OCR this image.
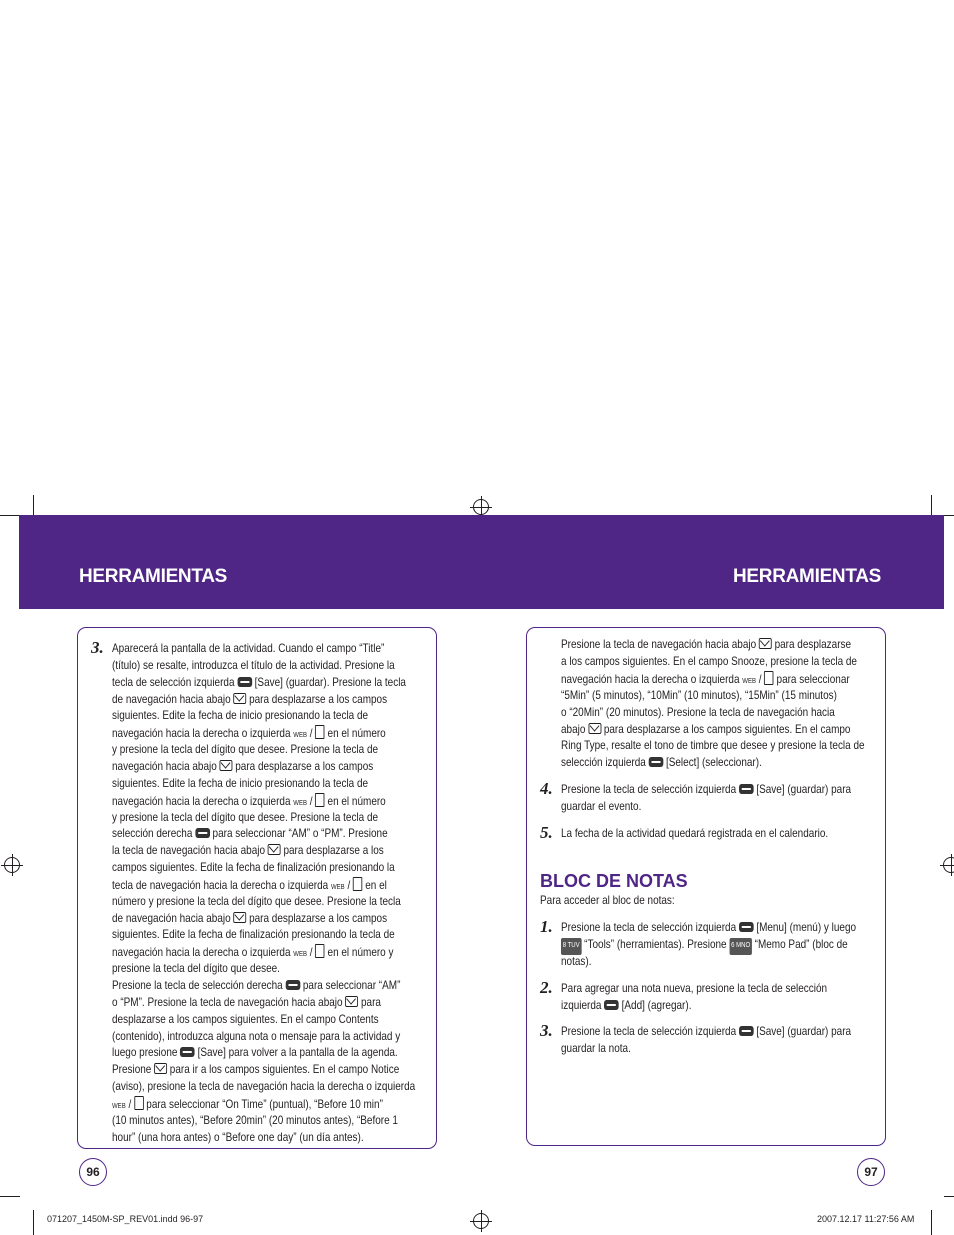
HERRAMIENTAS	HERRAMIENTAS
3. Aparecerá la pantalla de la actividad. Cuando el campo “Title”
(título) se resalte, introduzca el título de la actividad. Presione la
tecla de selección izquierda  [Save] (guardar). Presione la tecla
de navegación hacia abajo  para desplazarse a los campos
siguientes. Edite la fecha de inicio presionando la tecla de
navegación hacia la derecha o izquierda WEB /  en el número
y presione la tecla del dígito que desee. Presione la tecla de
navegación hacia abajo  para desplazarse a los campos
siguientes. Edite la fecha de inicio presionando la tecla de
navegación hacia la derecha o izquierda WEB /  en el número
y presione la tecla del dígito que desee. Presione la tecla de
selección derecha  para seleccionar “AM” o “PM”. Presione
la tecla de navegación hacia abajo  para desplazarse a los
campos siguientes. Edite la fecha de finalización presionando la
tecla de navegación hacia la derecha o izquierda WEB /  en el
número y presione la tecla del dígito que desee. Presione la tecla
de navegación hacia abajo  para desplazarse a los campos
siguientes. Edite la fecha de finalización presionando la tecla de
navegación hacia la derecha o izquierda WEB /  en el número y
presione la tecla del dígito que desee.
Presione la tecla de selección derecha  para seleccionar “AM”
o “PM”. Presione la tecla de navegación hacia abajo  para
desplazarse a los campos siguientes. En el campo Contents
(contenido), introduzca alguna nota o mensaje para la actividad y
luego presione  [Save] para volver a la pantalla de la agenda.
Presione  para ir a los campos siguientes. En el campo Notice
(aviso), presione la tecla de navegación hacia la derecha o izquierda
WEB /  para seleccionar “On Time” (puntual), “Before 10 min”
(10 minutos antes), “Before 20min” (20 minutos antes), “Before 1
hour” (una hora antes) o “Before one day” (un día antes).
Presione la tecla de navegación hacia abajo  para desplazarse
a los campos siguientes. En el campo Snooze, presione la tecla de
navegación hacia la derecha o izquierda WEB /  para seleccionar
“5Min” (5 minutos), “10Min” (10 minutos), “15Min” (15 minutos)
o “20Min” (20 minutos). Presione la tecla de navegación hacia
abajo  para desplazarse a los campos siguientes. En el campo
Ring Type, resalte el tono de timbre que desee y presione la tecla de
selección izquierda  [Select] (seleccionar).
4. Presione la tecla de selección izquierda  [Save] (guardar) para
guardar el evento.
5. La fecha de la actividad quedará registrada en el calendario.
Para acceder al bloc de notas:
1. Presione la tecla de selección izquierda  [Menu] (menú) y luego
8 TUV “Tools” (herramientas). Presione 6 MNO “Memo Pad” (bloc de
notas).
2. Para agregar una nota nueva, presione la tecla de selección
izquierda  [Add] (agregar).
3. Presione la tecla de selección izquierda  [Save] (guardar) para
guardar la nota.
BLOC DE NOTAS
96	97
071207_1450M-SP_REV01.indd 96-97	2007.12.17 11:27:56 AM
